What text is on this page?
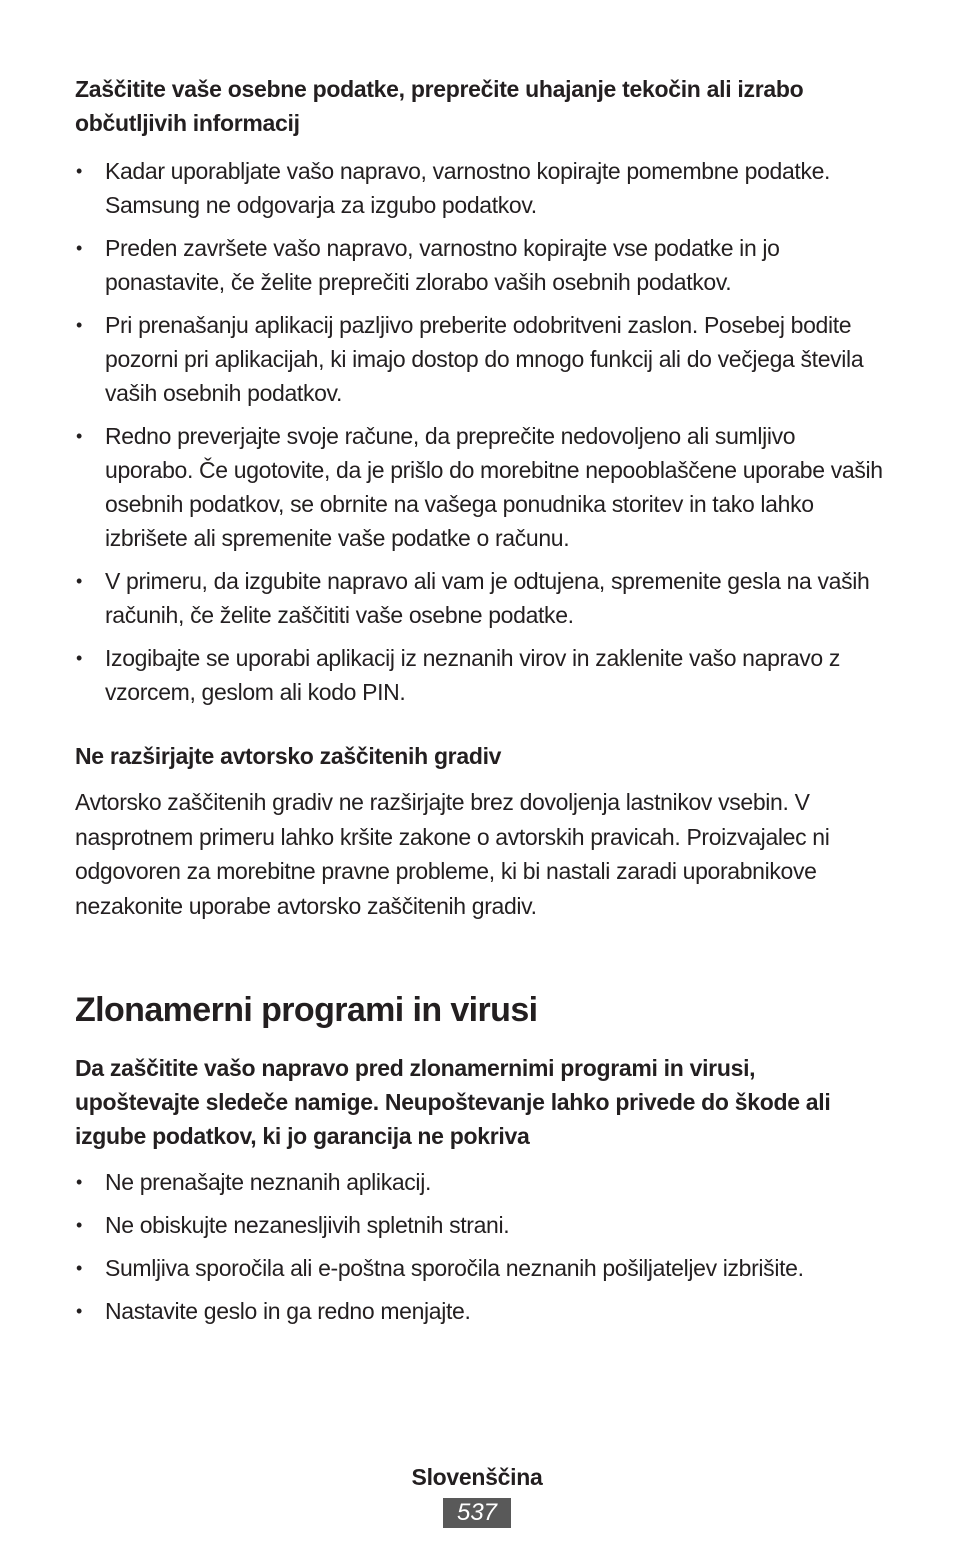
Zaščitite vaše osebne podatke, preprečite uhajanje tekočin ali izrabo občutljivih informacij

• Kadar uporabljate vašo napravo, varnostno kopirajte pomembne podatke. Samsung ne odgovarja za izgubo podatkov.
• Preden završete vašo napravo, varnostno kopirajte vse podatke in jo ponastavite, če želite preprečiti zlorabo vaših osebnih podatkov.
• Pri prenašanju aplikacij pazljivo preberite odobritveni zaslon. Posebej bodite pozorni pri aplikacijah, ki imajo dostop do mnogo funkcij ali do večjega števila vaših osebnih podatkov.
• Redno preverjajte svoje račune, da preprečite nedovoljeno ali sumljivo uporabo. Če ugotovite, da je prišlo do morebitne nepooblaščene uporabe vaših osebnih podatkov, se obrnite na vašega ponudnika storitev in tako lahko izbrišete ali spremenite vaše podatke o računu.
• V primeru, da izgubite napravo ali vam je odtujena, spremenite gesla na vaših računih, če želite zaščititi vaše osebne podatke.
• Izogibajte se uporabi aplikacij iz neznanih virov in zaklenite vašo napravo z vzorcem, geslom ali kodo PIN.

Ne razširjajte avtorsko zaščitenih gradiv

Avtorsko zaščitenih gradiv ne razširjajte brez dovoljenja lastnikov vsebin. V nasprotnem primeru lahko kršite zakone o avtorskih pravicah. Proizvajalec ni odgovoren za morebitne pravne probleme, ki bi nastali zaradi uporabnikove nezakonite uporabe avtorsko zaščitenih gradiv.

Zlonamerni programi in virusi

Da zaščitite vašo napravo pred zlonamernimi programi in virusi, upoštevajte sledeče namige. Neupoštevanje lahko privede do škode ali izgube podatkov, ki jo garancija ne pokriva

• Ne prenašajte neznanih aplikacij.
• Ne obiskujte nezanesljivih spletnih strani.
• Sumljiva sporočila ali e-poštna sporočila neznanih pošiljateljev izbrišite.
• Nastavite geslo in ga redno menjajte.
Slovenščina
537
